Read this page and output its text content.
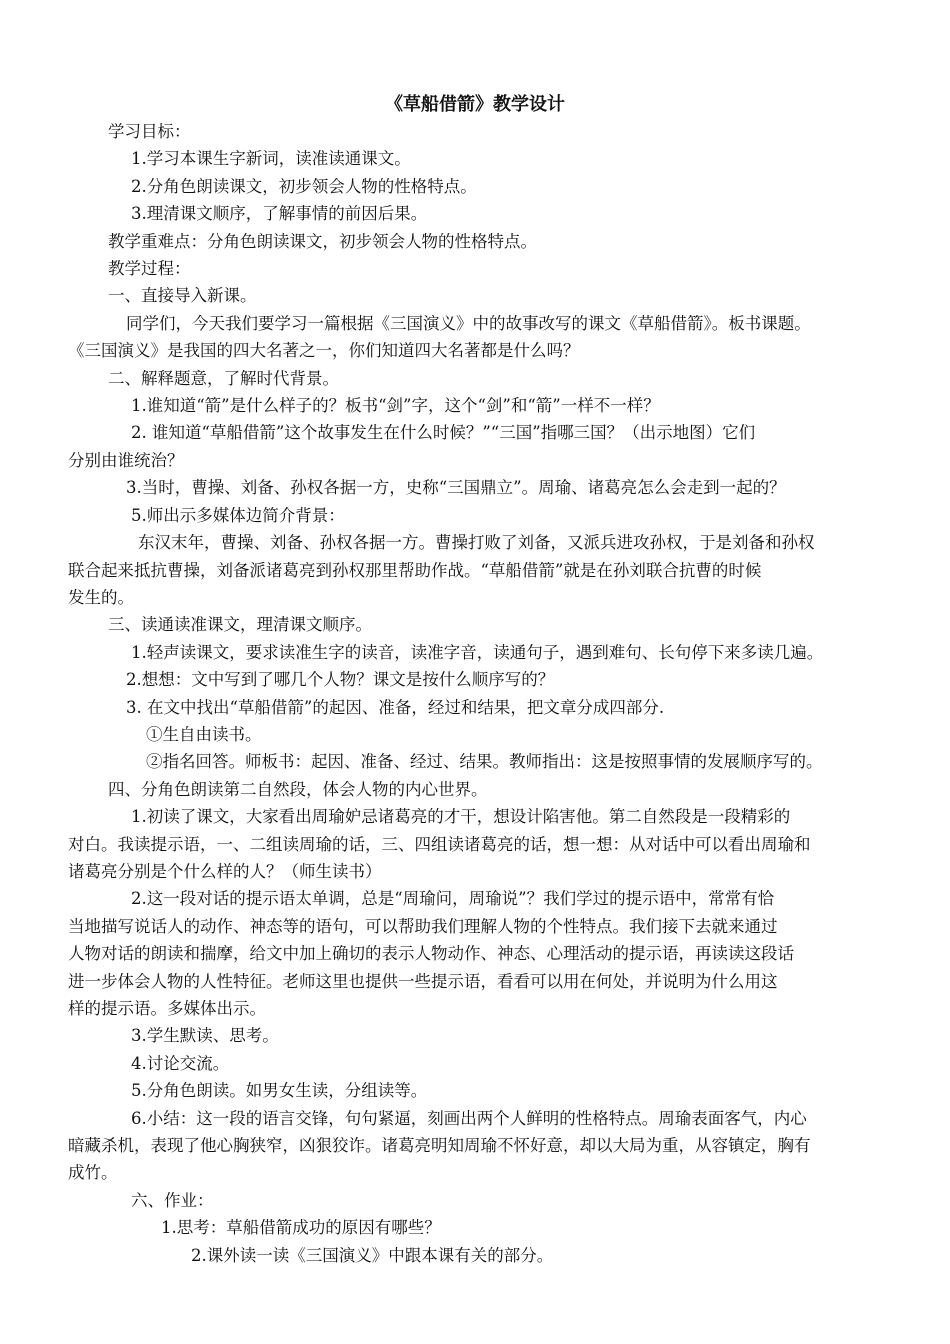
《草船借箭》教学设计

学习目标：

1.学习本课生字新词，读准读通课文。

2.分角色朗读课文，初步领会人物的性格特点。

3.理清课文顺序，了解事情的前因后果。

教学重难点：分角色朗读课文，初步领会人物的性格特点。

教学过程：

一、直接导入新课。

同学们，今天我们要学习一篇根据《三国演义》中的故事改写的课文《草船借箭》。板书课题。

《三国演义》是我国的四大名著之一，你们知道四大名著都是什么吗？

二、解释题意，了解时代背景。

1.谁知道“箭”是什么样子的？板书“剑”字，这个“剑”和“箭”一样不一样？

2. 谁知道“草船借箭”这个故事发生在什么时候？”“三国”指哪三国？（出示地图）它们

分别由谁统治？

3.当时，曹操、刘备、孙权各据一方，史称“三国鼎立”。周瑜、诸葛亮怎么会走到一起的？

5.师出示多媒体边简介背景：

东汉末年，曹操、刘备、孙权各据一方。曹操打败了刘备，又派兵进攻孙权，于是刘备和孙权

联合起来抵抗曹操，刘备派诸葛亮到孙权那里帮助作战。“草船借箭”就是在孙刘联合抗曹的时候

发生的。

三、读通读准课文，理清课文顺序。

1.轻声读课文，要求读准生字的读音，读准字音，读通句子，遇到难句、长句停下来多读几遍。

2.想想：文中写到了哪几个人物？课文是按什么顺序写的？

3. 在文中找出“草船借箭”的起因、准备，经过和结果，把文章分成四部分.

①生自由读书。

②指名回答。师板书：起因、准备、经过、结果。教师指出：这是按照事情的发展顺序写的。

四、分角色朗读第二自然段，体会人物的内心世界。

1.初读了课文，大家看出周瑜妒忌诸葛亮的才干，想设计陷害他。第二自然段是一段精彩的

对白。我读提示语，一、二组读周瑜的话，三、四组读诸葛亮的话，想一想：从对话中可以看出周瑜和

诸葛亮分别是个什么样的人？（师生读书）

2.这一段对话的提示语太单调，总是“周瑜问，周瑜说”？我们学过的提示语中，常常有恰

当地描写说话人的动作、神态等的语句，可以帮助我们理解人物的个性特点。我们接下去就来通过

人物对话的朗读和揣摩，给文中加上确切的表示人物动作、神态、心理活动的提示语，再读读这段话

进一步体会人物的人性特征。老师这里也提供一些提示语，看看可以用在何处，并说明为什么用这

样的提示语。多媒体出示。

3.学生默读、思考。

4.讨论交流。

5.分角色朗读。如男女生读，分组读等。

6.小结：这一段的语言交锋，句句紧逼，刻画出两个人鲜明的性格特点。周瑜表面客气，内心

暗藏杀机，表现了他心胸狭窄，凶狠狡诈。诸葛亮明知周瑜不怀好意，却以大局为重，从容镇定，胸有

成竹。

六、作业：

1.思考：草船借箭成功的原因有哪些？

2.课外读一读《三国演义》中跟本课有关的部分。
